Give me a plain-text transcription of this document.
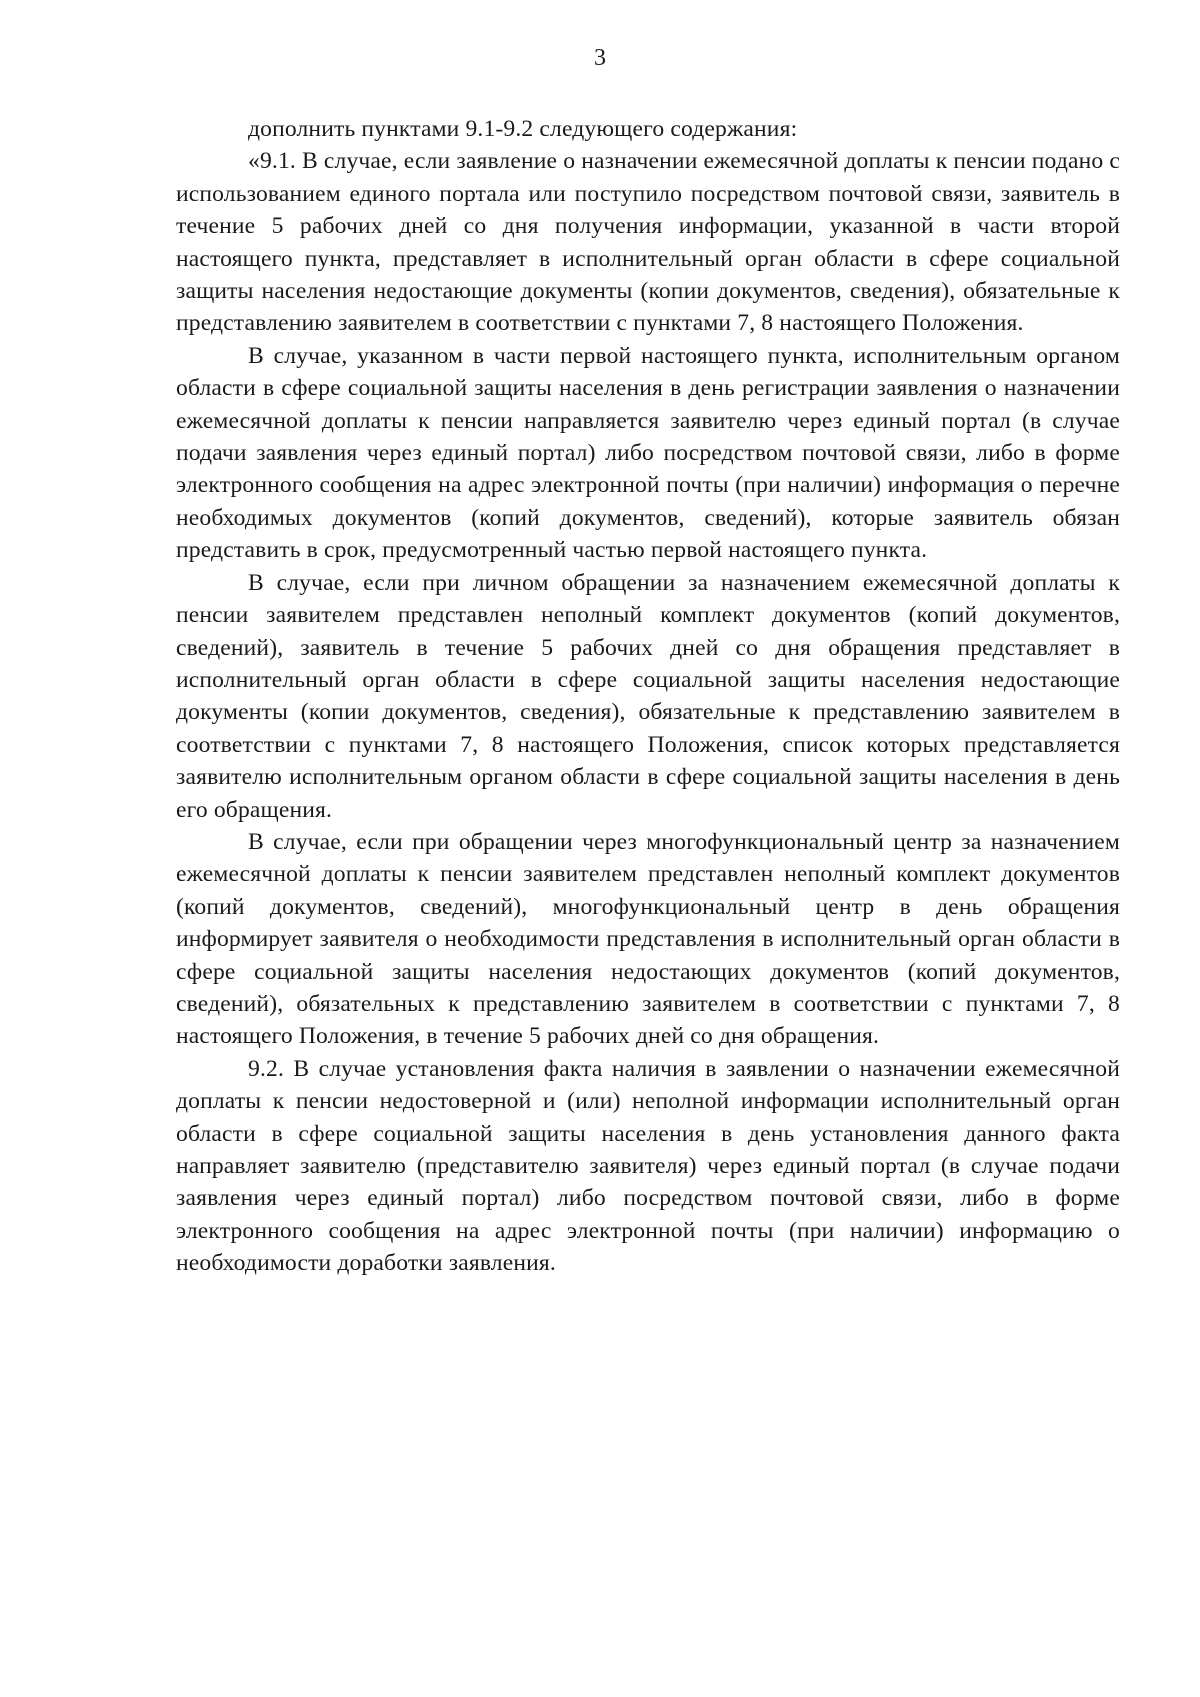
3

дополнить пунктами 9.1-9.2 следующего содержания:

«9.1. В случае, если заявление о назначении ежемесячной доплаты к пенсии подано с использованием единого портала или поступило посредством почтовой связи, заявитель в течение 5 рабочих дней со дня получения информации, указанной в части второй настоящего пункта, представляет в исполнительный орган области в сфере социальной защиты населения недостающие документы (копии документов, сведения), обязательные к представлению заявителем в соответствии с пунктами 7, 8 настоящего Положения.

В случае, указанном в части первой настоящего пункта, исполнительным органом области в сфере социальной защиты населения в день регистрации заявления о назначении ежемесячной доплаты к пенсии направляется заявителю через единый портал (в случае подачи заявления через единый портал) либо посредством почтовой связи, либо в форме электронного сообщения на адрес электронной почты (при наличии) информация о перечне необходимых документов (копий документов, сведений), которые заявитель обязан представить в срок, предусмотренный частью первой настоящего пункта.

В случае, если при личном обращении за назначением ежемесячной доплаты к пенсии заявителем представлен неполный комплект документов (копий документов, сведений), заявитель в течение 5 рабочих дней со дня обращения представляет в исполнительный орган области в сфере социальной защиты населения недостающие документы (копии документов, сведения), обязательные к представлению заявителем в соответствии с пунктами 7, 8 настоящего Положения, список которых представляется заявителю исполнительным органом области в сфере социальной защиты населения в день его обращения.

В случае, если при обращении через многофункциональный центр за назначением ежемесячной доплаты к пенсии заявителем представлен неполный комплект документов (копий документов, сведений), многофункциональный центр в день обращения информирует заявителя о необходимости представления в исполнительный орган области в сфере социальной защиты населения недостающих документов (копий документов, сведений), обязательных к представлению заявителем в соответствии с пунктами 7, 8 настоящего Положения, в течение 5 рабочих дней со дня обращения.

9.2. В случае установления факта наличия в заявлении о назначении ежемесячной доплаты к пенсии недостоверной и (или) неполной информации исполнительный орган области в сфере социальной защиты населения в день установления данного факта направляет заявителю (представителю заявителя) через единый портал (в случае подачи заявления через единый портал) либо посредством почтовой связи, либо в форме электронного сообщения на адрес электронной почты (при наличии) информацию о необходимости доработки заявления.
